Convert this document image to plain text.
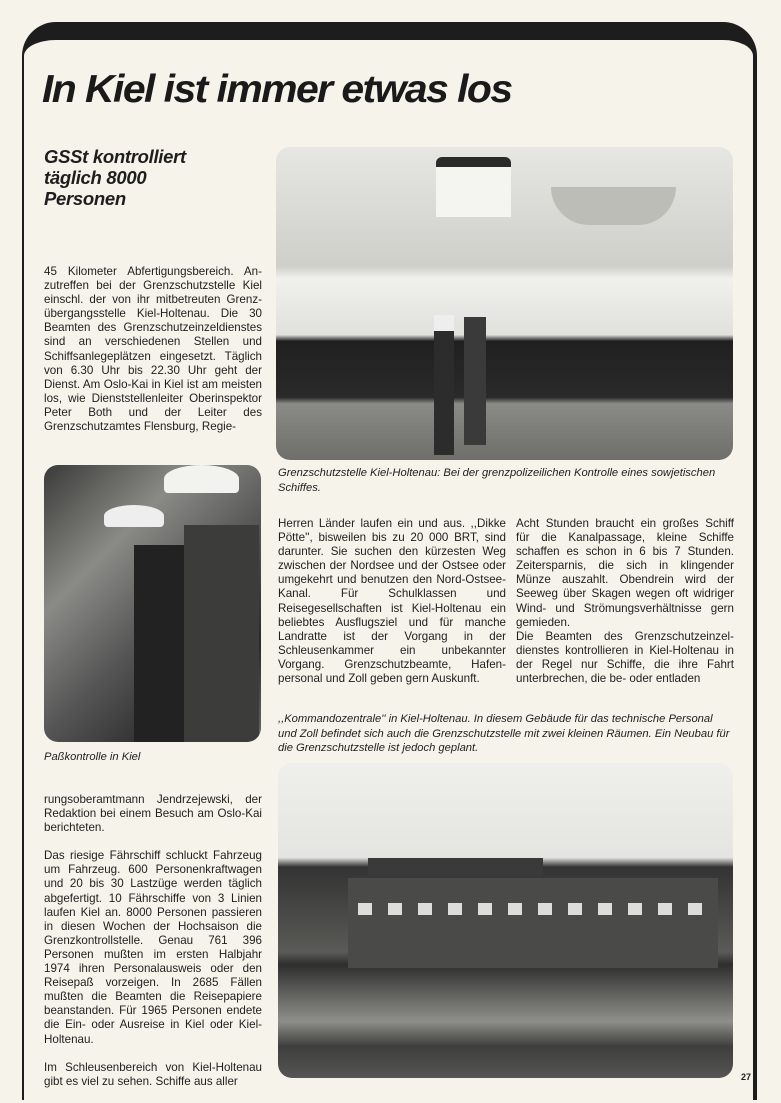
In Kiel ist immer etwas los
GSSt kontrolliert
täglich 8000
Personen

Grenzschutzstelle Kiel-Holtenau: Bei der grenzpolizeilichen Kontrolle eines sowjetischen Schiffes.

45 Kilometer Abfertigungsbereich. Anzutreffen bei der Grenzschutzstelle Kiel einschl. der von ihr mitbetreuten Grenzübergangsstelle Kiel-Holtenau. Die 30 Beamten des Grenzschutzeinzeldienstes sind an verschiedenen Stellen und Schiffsanlegeplätzen eingesetzt. Täglich von 6.30 Uhr bis 22.30 Uhr geht der Dienst. Am Oslo-Kai in Kiel ist am meisten los, wie Dienststellenleiter Oberinspektor Peter Both und der Leiter des Grenzschutzamtes Flensburg, Regie-

Paßkontrolle in Kiel

Herren Länder laufen ein und aus. ,,Dikke Pötte'', bisweilen bis zu 20 000 BRT, sind darunter. Sie suchen den kürzesten Weg zwischen der Nordsee und der Ostsee oder umgekehrt und benutzen den Nord-Ostsee-Kanal. Für Schulklassen und Reisegesellschaften ist Kiel-Holtenau ein beliebtes Ausflugsziel und für manche Landratte ist der Vorgang in der Schleusenkammer ein unbekannter Vorgang. Grenzschutzbeamte, Hafenpersonal und Zoll geben gern Auskunft.
Acht Stunden braucht ein großes Schiff für die Kanalpassage, kleine Schiffe schaffen es schon in 6 bis 7 Stunden. Zeitersparnis, die sich in klingender Münze auszahlt. Obendrein wird der Seeweg über Skagen wegen oft widriger Wind- und Strömungsverhältnisse gern gemieden.
Die Beamten des Grenzschutzeinzeldienstes kontrollieren in Kiel-Holtenau in der Regel nur Schiffe, die ihre Fahrt unterbrechen, die be- oder entladen

,,Kommandozentrale'' in Kiel-Holtenau. In diesem Gebäude für das technische Personal und Zoll befindet sich auch die Grenzschutzstelle mit zwei kleinen Räumen. Ein Neubau für die Grenzschutzstelle ist jedoch geplant.

rungsoberamtmann Jendrzejewski, der Redaktion bei einem Besuch am Oslo-Kai berichteten.

Das riesige Fährschiff schluckt Fahrzeug um Fahrzeug. 600 Personenkraftwagen und 20 bis 30 Lastzüge werden täglich abgefertigt. 10 Fährschiffe von 3 Linien laufen Kiel an. 8000 Personen passieren in diesen Wochen der Hochsaison die Grenzkontrollstelle. Genau 761 396 Personen mußten im ersten Halbjahr 1974 ihren Personalausweis oder den Reisepaß vorzeigen. In 2685 Fällen mußten die Beamten die Reisepapiere beanstanden. Für 1965 Personen endete die Ein- oder Ausreise in Kiel oder Kiel-Holtenau.

Im Schleusenbereich von Kiel-Holtenau gibt es viel zu sehen. Schiffe aus aller	27
